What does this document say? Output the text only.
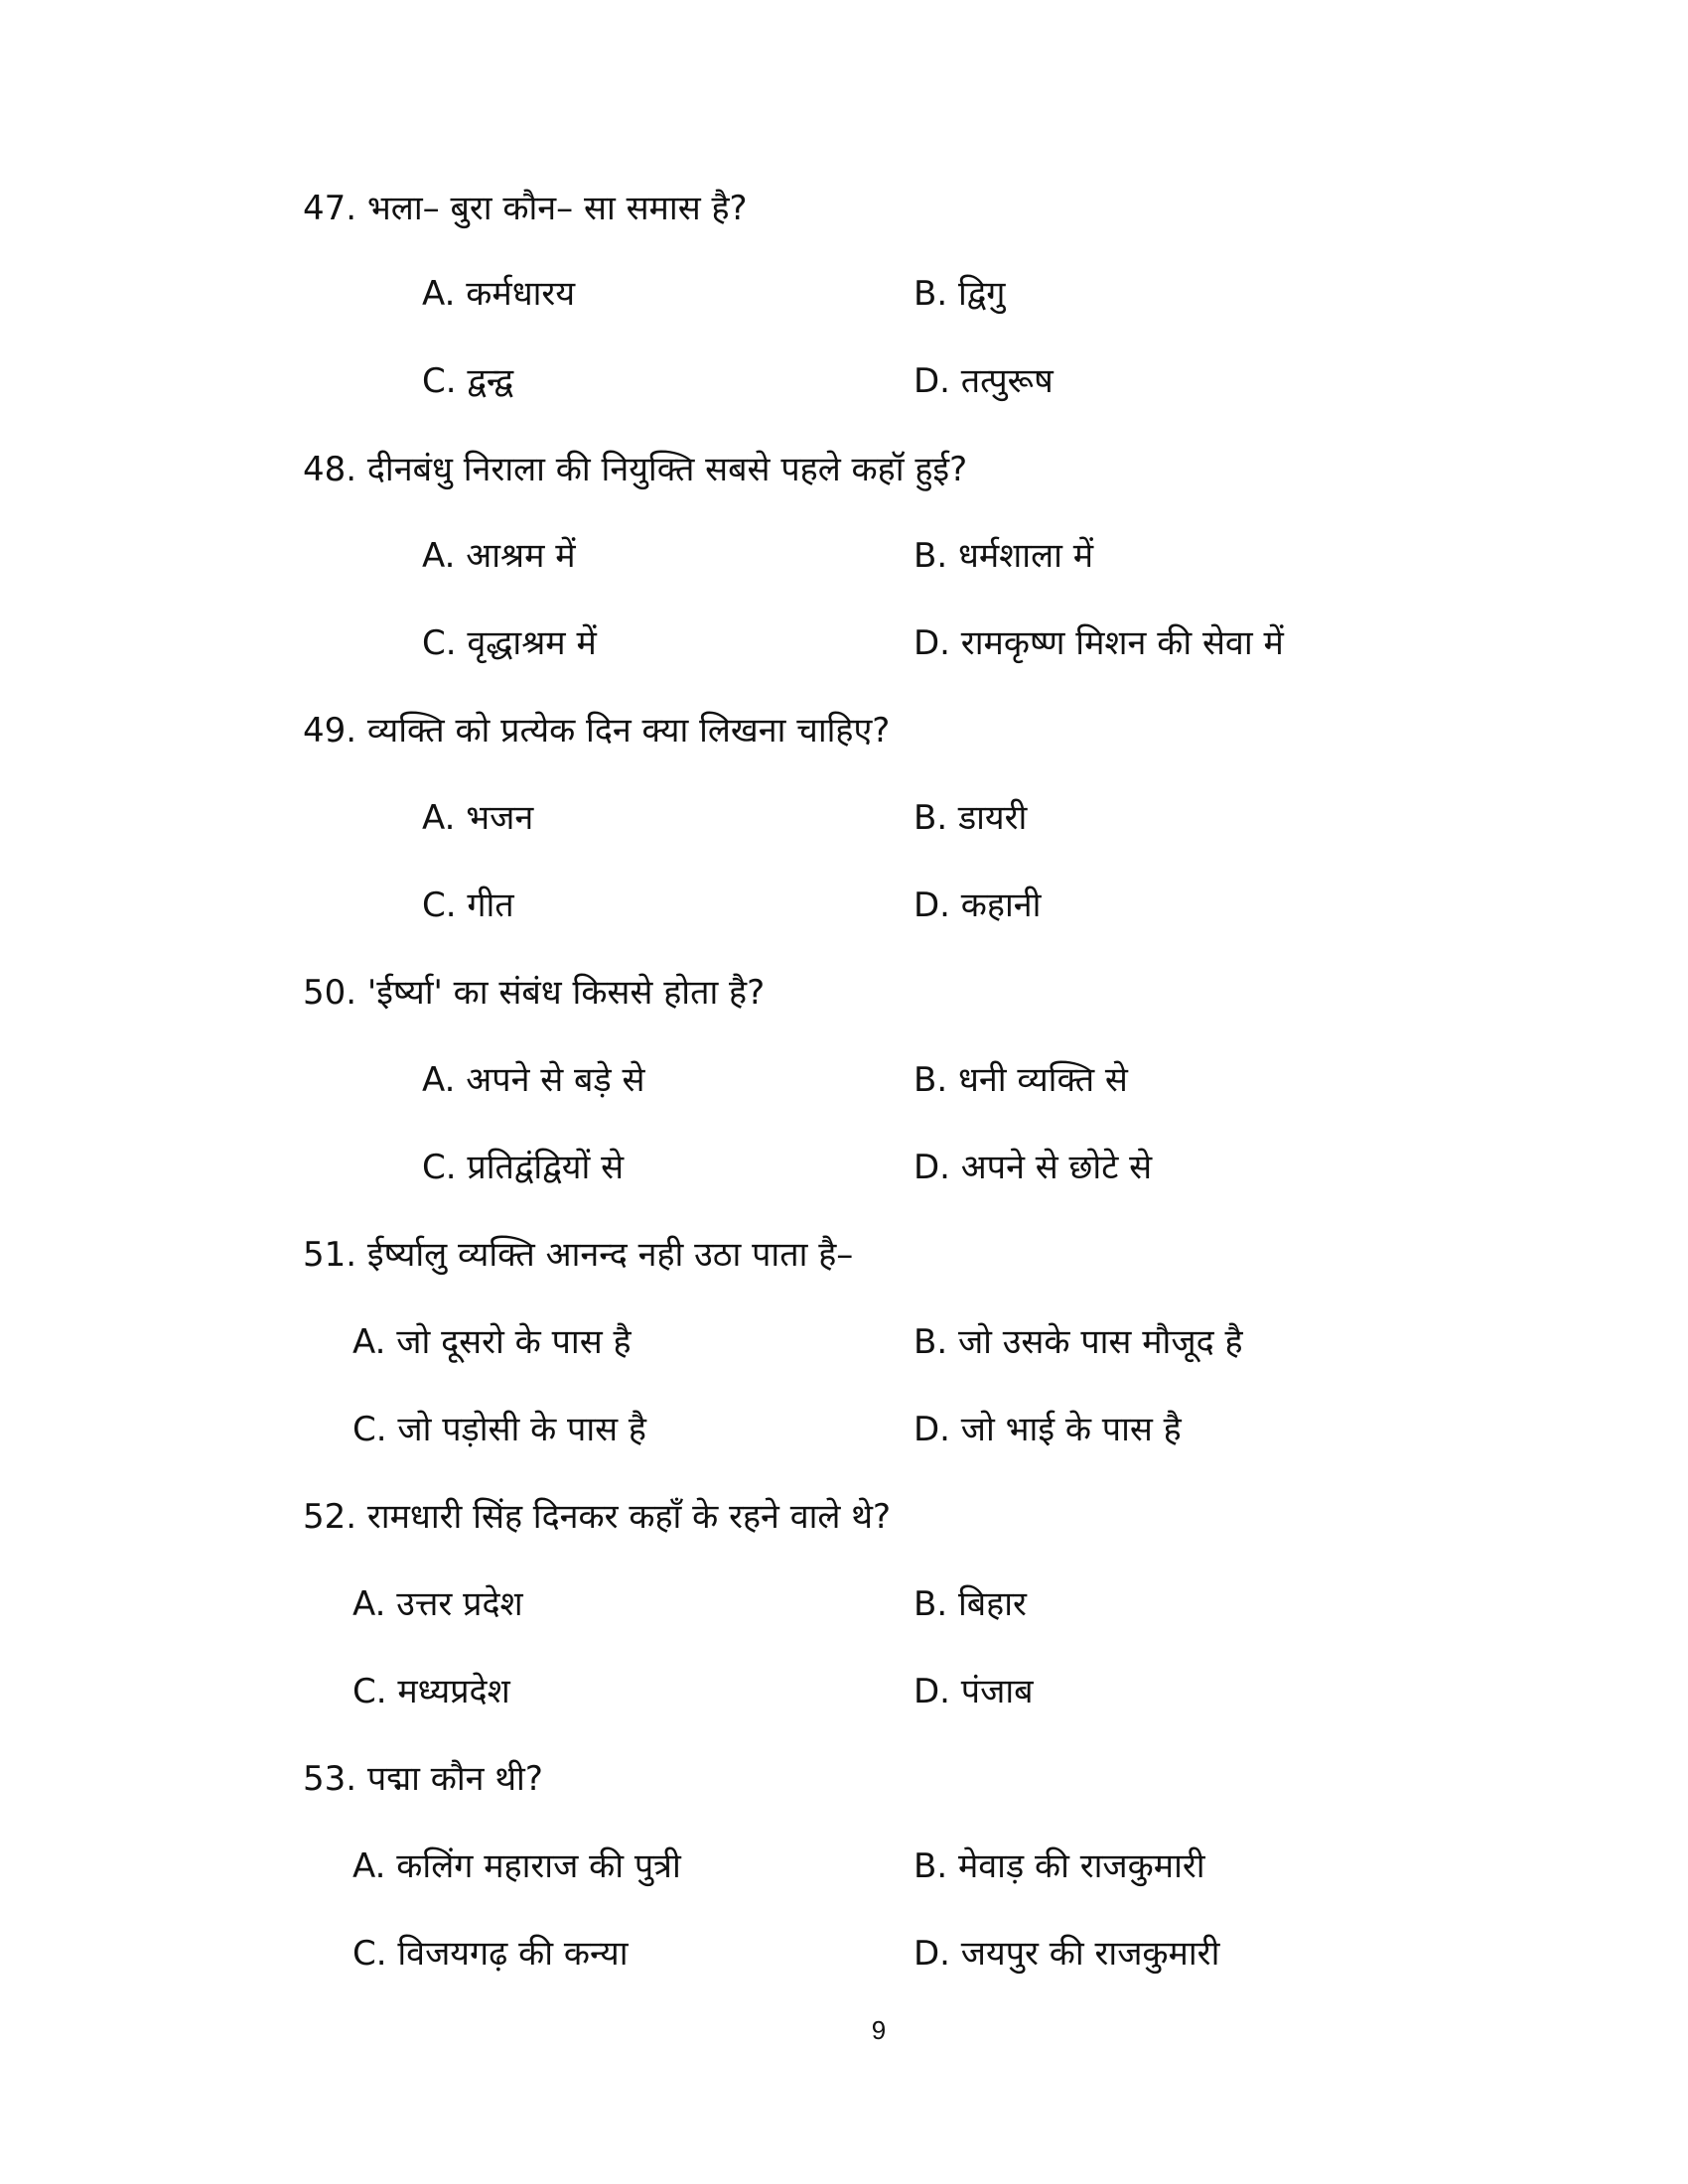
47. भला– बुरा कौन– सा समास है?
A. कर्मधारय	B. द्विगु
C. द्वन्द्व	D. तत्पुरूष
48. दीनबंधु निराला की नियुक्ति सबसे पहले कहॉ हुई?
A. आश्रम में	B. धर्मशाला में
C. वृद्धाश्रम में	D. रामकृष्ण मिशन की सेवा में
49. व्यक्ति को प्रत्येक दिन क्या लिखना चाहिए?
A. भजन	B. डायरी
C. गीत	D. कहानी
50. 'ईर्ष्या' का संबंध किससे होता है?
A. अपने से बड़े से	B. धनी व्यक्ति से
C. प्रतिद्वंद्वियों से	D. अपने से छोटे से
51. ईर्ष्यालु व्यक्ति आनन्द नही उठा पाता है–
A. जो दूसरो के पास है	B. जो उसके पास मौजूद है
C. जो पड़ोसी के पास है	D. जो भाई के पास है
52. रामधारी सिंह दिनकर कहॉं के रहने वाले थे?
A. उत्तर प्रदेश	B. बिहार
C. मध्यप्रदेश	D. पंजाब
53. पद्मा कौन थी?
A. कलिंग महाराज की पुत्री	B. मेवाड़ की राजकुमारी
C. विजयगढ़ की कन्या	D. जयपुर की राजकुमारी
9
